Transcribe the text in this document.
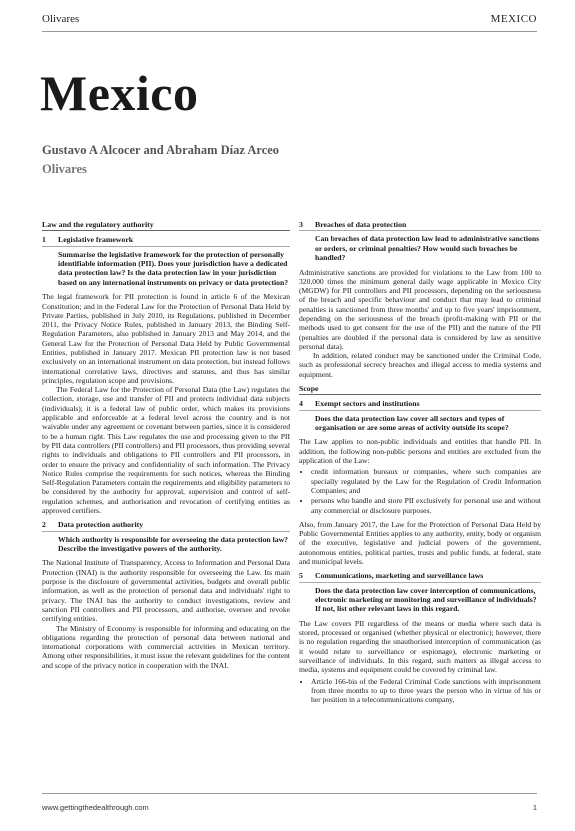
Olivares	MEXICO
Mexico
Gustavo A Alcocer and Abraham Díaz Arceo
Olivares
Law and the regulatory authority
1 Legislative framework
Summarise the legislative framework for the protection of personally identifiable information (PII). Does your jurisdiction have a dedicated data protection law? Is the data protection law in your jurisdiction based on any international instruments on privacy or data protection?

The legal framework for PII protection is found in article 6 of the Mexican Constitution; and in the Federal Law for the Protection of Personal Data Held by Private Parties, published in July 2010, its Regulations, published in December 2011, the Privacy Notice Rules, published in January 2013, the Binding Self-Regulation Parameters, also published in January 2013 and May 2014, and the General Law for the Protection of Personal Data Held by Public Governmental Entities, published in January 2017. Mexican PII protection law is not based exclusively on an international instrument on data protection, but instead follows international correlative laws, directives and statutes, and thus has similar principles, regulation scope and provisions.

The Federal Law for the Protection of Personal Data (the Law) regulates the collection, storage, use and transfer of PII and protects individual data subjects (individuals); it is a federal law of public order, which makes its provisions applicable and enforceable at a federal level across the country and is not waivable under any agreement or covenant between parties, since it is considered to be a human right. This Law regulates the use and processing given to the PII by PII data controllers (PII controllers) and PII processors, thus providing several rights to individuals and obligations to PII controllers and PII processors, in order to ensure the privacy and confidentiality of such information. The Privacy Notice Rules comprise the requirements for such notices, whereas the Binding Self-Regulation Parameters contain the requirements and eligibility parameters to be considered by the authority for approval, supervision and control of self-regulation schemes, and authorisation and revocation of certifying entities as approved certifiers.

2 Data protection authority
Which authority is responsible for overseeing the data protection law? Describe the investigative powers of the authority.

The National Institute of Transparency, Access to Information and Personal Data Protection (INAI) is the authority responsible for overseeing the Law. Its main purpose is the disclosure of governmental activities, budgets and overall public information, as well as the protection of personal data and individuals' right to privacy. The INAI has the authority to conduct investigations, review and sanction PII controllers and PII processors, and authorise, oversee and revoke certifying entities.

The Ministry of Economy is responsible for informing and educating on the obligations regarding the protection of personal data between national and international corporations with commercial activities in Mexican territory. Among other responsibilities, it must issue the relevant guidelines for the content and scope of the privacy notice in cooperation with the INAI.

3 Breaches of data protection
Can breaches of data protection law lead to administrative sanctions or orders, or criminal penalties? How would such breaches be handled?

Administrative sanctions are provided for violations to the Law from 100 to 320,000 times the minimum general daily wage applicable in Mexico City (MGDW) for PII controllers and PII processors, depending on the seriousness of the breach and specific behaviour and conduct that may lead to criminal penalties is sanctioned from three months' and up to five years' imprisonment, depending on the seriousness of the breach (profit-making with PII or the methods used to get consent for the use of the PII) and the nature of the PII (penalties are doubled if the personal data is considered by law as sensitive personal data).

In addition, related conduct may be sanctioned under the Criminal Code, such as professional secrecy breaches and illegal access to media systems and equipment.

Scope
4 Exempt sectors and institutions
Does the data protection law cover all sectors and types of organisation or are some areas of activity outside its scope?

The Law applies to non-public individuals and entities that handle PII. In addition, the following non-public persons and entities are excluded from the application of the Law:

• credit information bureaux or companies, where such companies are specially regulated by the Law for the Regulation of Credit Information Companies; and
• persons who handle and store PII exclusively for personal use and without any commercial or disclosure purposes.

Also, from January 2017, the Law for the Protection of Personal Data Held by Public Governmental Entities applies to any authority, entity, body or organism of the executive, legislative and judicial powers of the government, autonomous entities, political parties, trusts and public funds, at federal, state and municipal levels.

5 Communications, marketing and surveillance laws
Does the data protection law cover interception of communications, electronic marketing or monitoring and surveillance of individuals? If not, list other relevant laws in this regard.

The Law covers PII regardless of the means or media where such data is stored, processed or organised (whether physical or electronic); however, there is no regulation regarding the unauthorised interception of communication (as it would relate to surveillance or espionage), electronic marketing or surveillance of individuals. In this regard, such matters as illegal access to media, systems and equipment could be covered by criminal law.

• Article 166-bis of the Federal Criminal Code sanctions with imprisonment from three months to up to three years the person who in virtue of his or her position in a telecommunications company,
www.gettingthedealthrough.com	1
